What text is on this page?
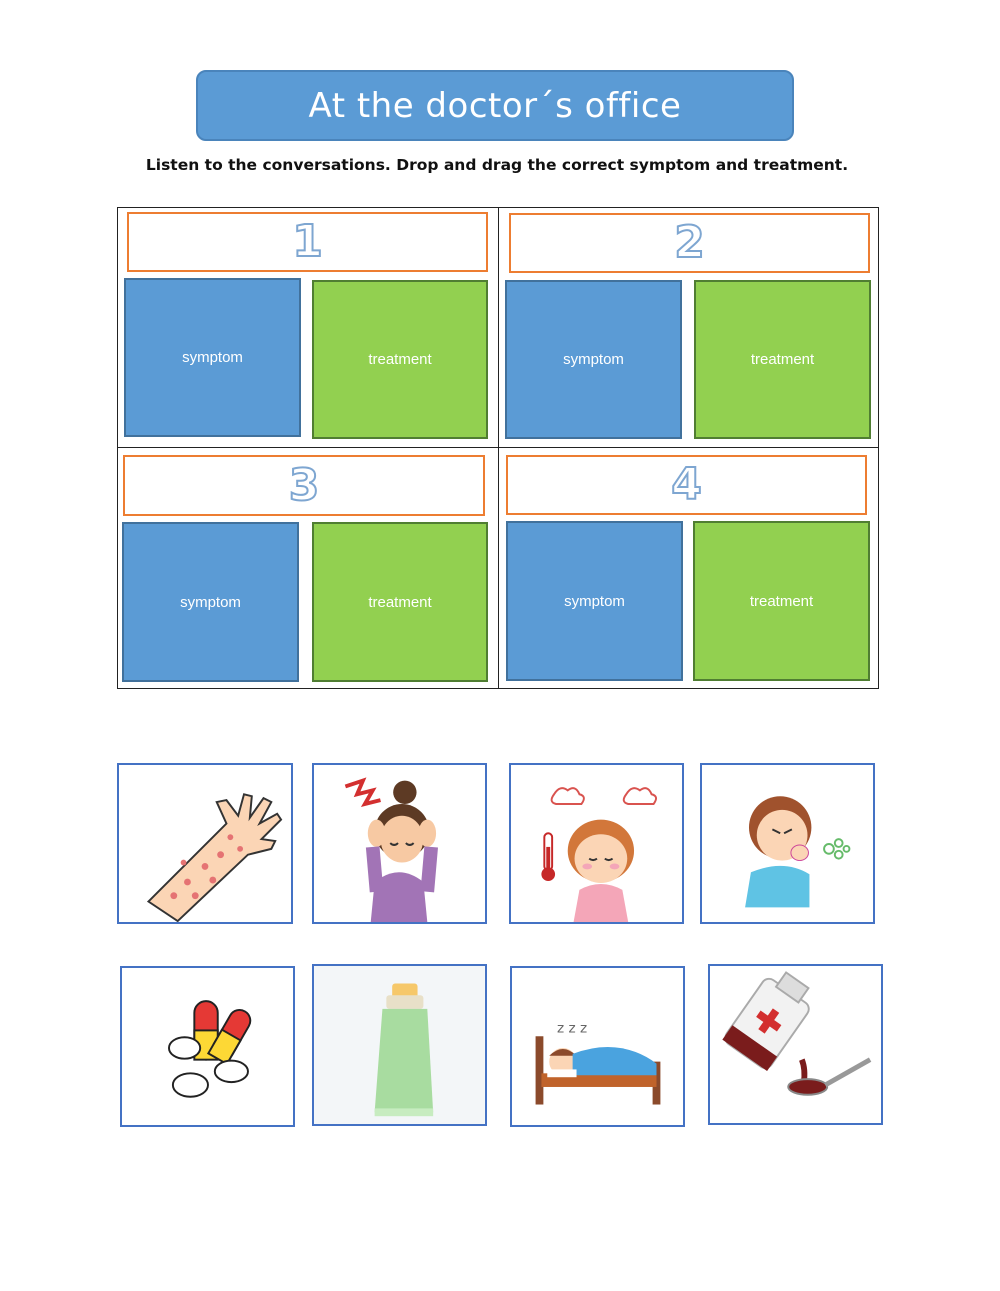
At the doctor´s office
Listen to the conversations. Drop and drag the correct symptom and treatment.
1
symptom	treatment
2
symptom	treatment
3
symptom	treatment
4
symptom	treatment
z z z
